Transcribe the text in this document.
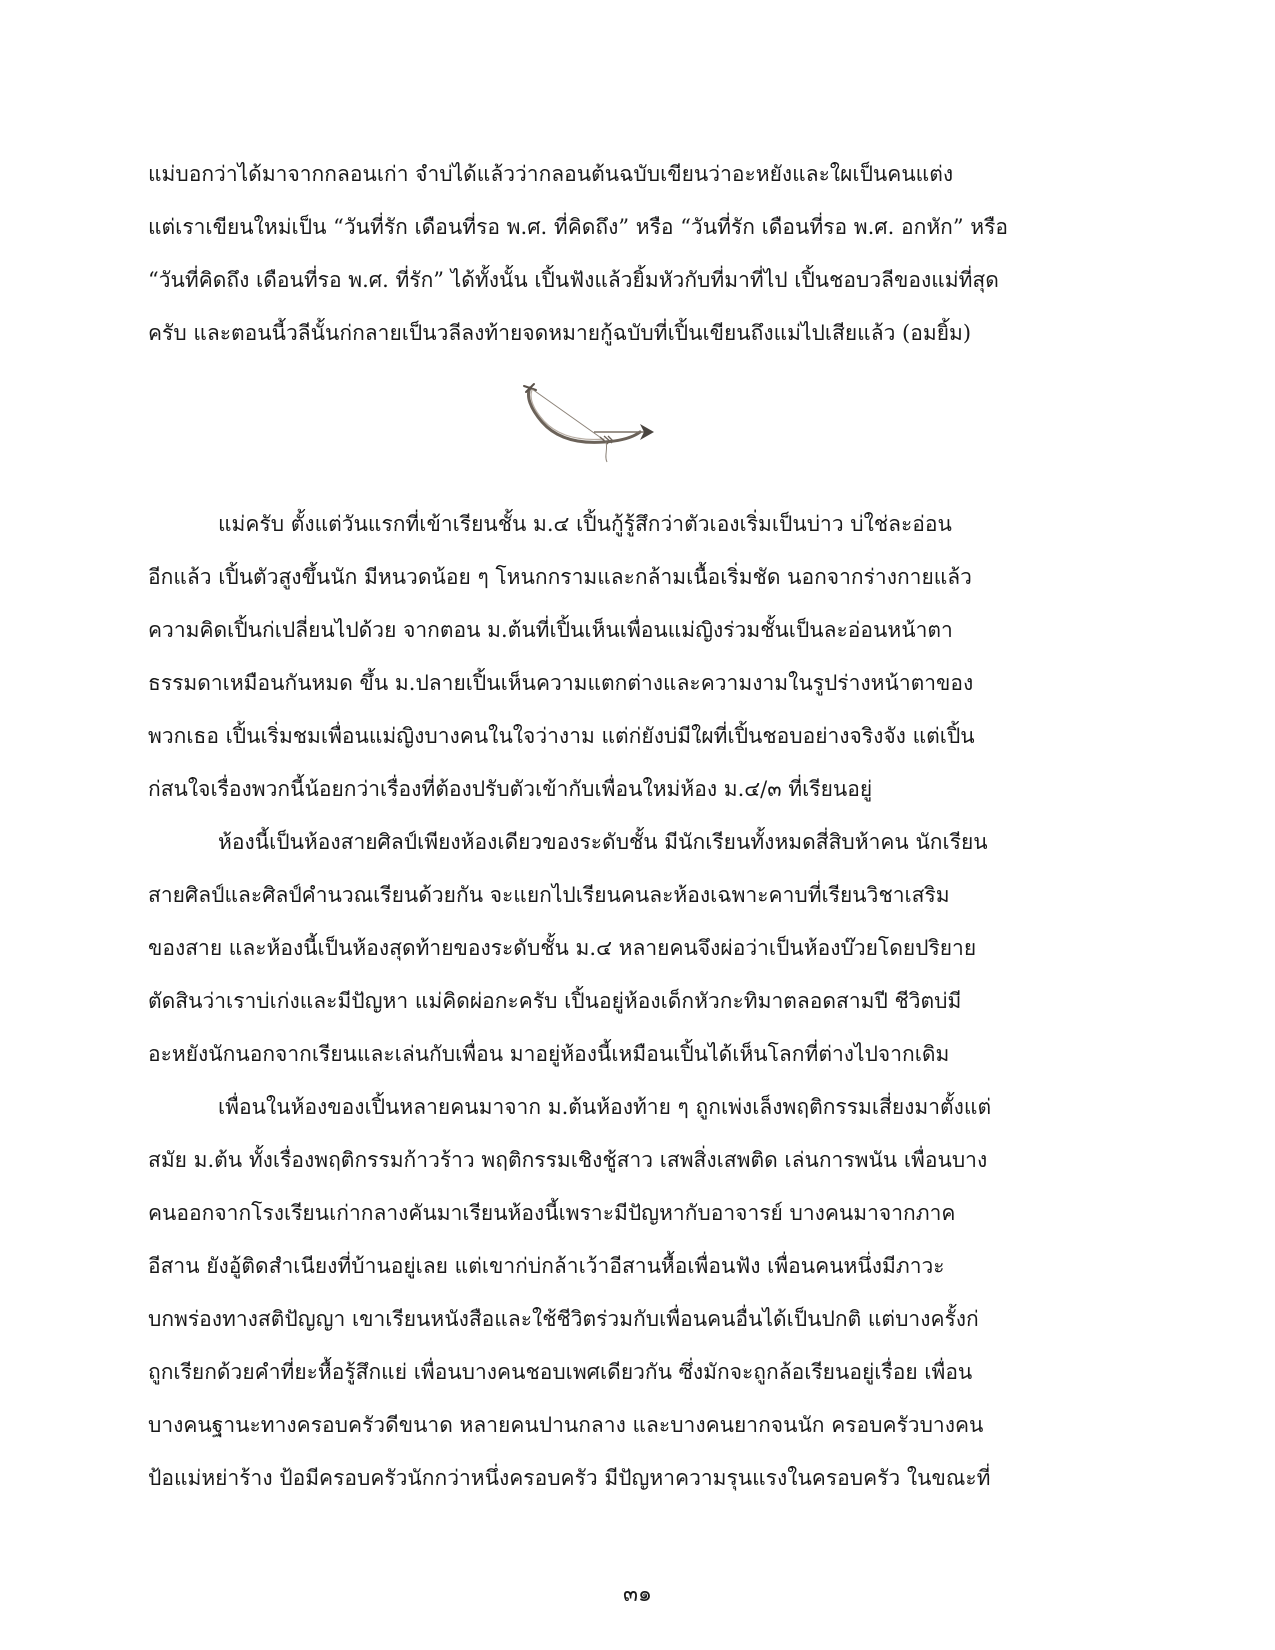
แม่บอกว่าได้มาจากกลอนเก่า จำบ่ได้แล้วว่ากลอนต้นฉบับเขียนว่าอะหยังและใผเป็นคนแต่ง
แต่เราเขียนใหม่เป็น “วันที่รัก เดือนที่รอ พ.ศ. ที่คิดถึง” หรือ “วันที่รัก เดือนที่รอ พ.ศ. อกหัก” หรือ
“วันที่คิดถึง เดือนที่รอ พ.ศ. ที่รัก” ได้ทั้งนั้น เปิ้นฟังแล้วยิ้มหัวกับที่มาที่ไป เปิ้นชอบวลีของแม่ที่สุด
ครับ และตอนนี้วลีนั้นก่กลายเป็นวลีลงท้ายจดหมายกู้ฉบับที่เปิ้นเขียนถึงแม่ไปเสียแล้ว (อมยิ้ม)
แม่ครับ ตั้งแต่วันแรกที่เข้าเรียนชั้น ม.๔ เปิ้นกู้รู้สึกว่าตัวเองเริ่มเป็นบ่าว บ่ใช่ละอ่อน
อีกแล้ว เปิ้นตัวสูงขึ้นนัก มีหนวดน้อย ๆ โหนกกรามและกล้ามเนื้อเริ่มชัด นอกจากร่างกายแล้ว
ความคิดเปิ้นก่เปลี่ยนไปด้วย จากตอน ม.ต้นที่เปิ้นเห็นเพื่อนแม่ญิงร่วมชั้นเป็นละอ่อนหน้าตา
ธรรมดาเหมือนกันหมด ขึ้น ม.ปลายเปิ้นเห็นความแตกต่างและความงามในรูปร่างหน้าตาของ
พวกเธอ เปิ้นเริ่มชมเพื่อนแม่ญิงบางคนในใจว่างาม แต่ก่ยังบ่มีใผที่เปิ้นชอบอย่างจริงจัง แต่เปิ้น
ก่สนใจเรื่องพวกนี้น้อยกว่าเรื่องที่ต้องปรับตัวเข้ากับเพื่อนใหม่ห้อง ม.๔/๓ ที่เรียนอยู่
ห้องนี้เป็นห้องสายศิลป์เพียงห้องเดียวของระดับชั้น มีนักเรียนทั้งหมดสี่สิบห้าคน นักเรียน
สายศิลป์และศิลป์คำนวณเรียนด้วยกัน จะแยกไปเรียนคนละห้องเฉพาะคาบที่เรียนวิชาเสริม
ของสาย และห้องนี้เป็นห้องสุดท้ายของระดับชั้น ม.๔ หลายคนจึงผ่อว่าเป็นห้องบ๊วยโดยปริยาย
ตัดสินว่าเราบ่เก่งและมีปัญหา แม่คิดผ่อกะครับ เปิ้นอยู่ห้องเด็กหัวกะทิมาตลอดสามปี ชีวิตบ่มี
อะหยังนักนอกจากเรียนและเล่นกับเพื่อน มาอยู่ห้องนี้เหมือนเปิ้นได้เห็นโลกที่ต่างไปจากเดิม
เพื่อนในห้องของเปิ้นหลายคนมาจาก ม.ต้นห้องท้าย ๆ ถูกเพ่งเล็งพฤติกรรมเสี่ยงมาตั้งแต่
สมัย ม.ต้น ทั้งเรื่องพฤติกรรมก้าวร้าว พฤติกรรมเชิงชู้สาว เสพสิ่งเสพติด เล่นการพนัน เพื่อนบาง
คนออกจากโรงเรียนเก่ากลางคันมาเรียนห้องนี้เพราะมีปัญหากับอาจารย์ บางคนมาจากภาค
อีสาน ยังอู้ติดสำเนียงที่บ้านอยู่เลย แต่เขาก่บ่กล้าเว้าอีสานหื้อเพื่อนฟัง เพื่อนคนหนึ่งมีภาวะ
บกพร่องทางสติปัญญา เขาเรียนหนังสือและใช้ชีวิตร่วมกับเพื่อนคนอื่นได้เป็นปกติ แต่บางครั้งก่
ถูกเรียกด้วยคำที่ยะหื้อรู้สึกแย่ เพื่อนบางคนชอบเพศเดียวกัน ซึ่งมักจะถูกล้อเรียนอยู่เรื่อย เพื่อน
บางคนฐานะทางครอบครัวดีขนาด หลายคนปานกลาง และบางคนยากจนนัก ครอบครัวบางคน
ป้อแม่หย่าร้าง ป้อมีครอบครัวนักกว่าหนึ่งครอบครัว มีปัญหาความรุนแรงในครอบครัว ในขณะที่
๓๑
